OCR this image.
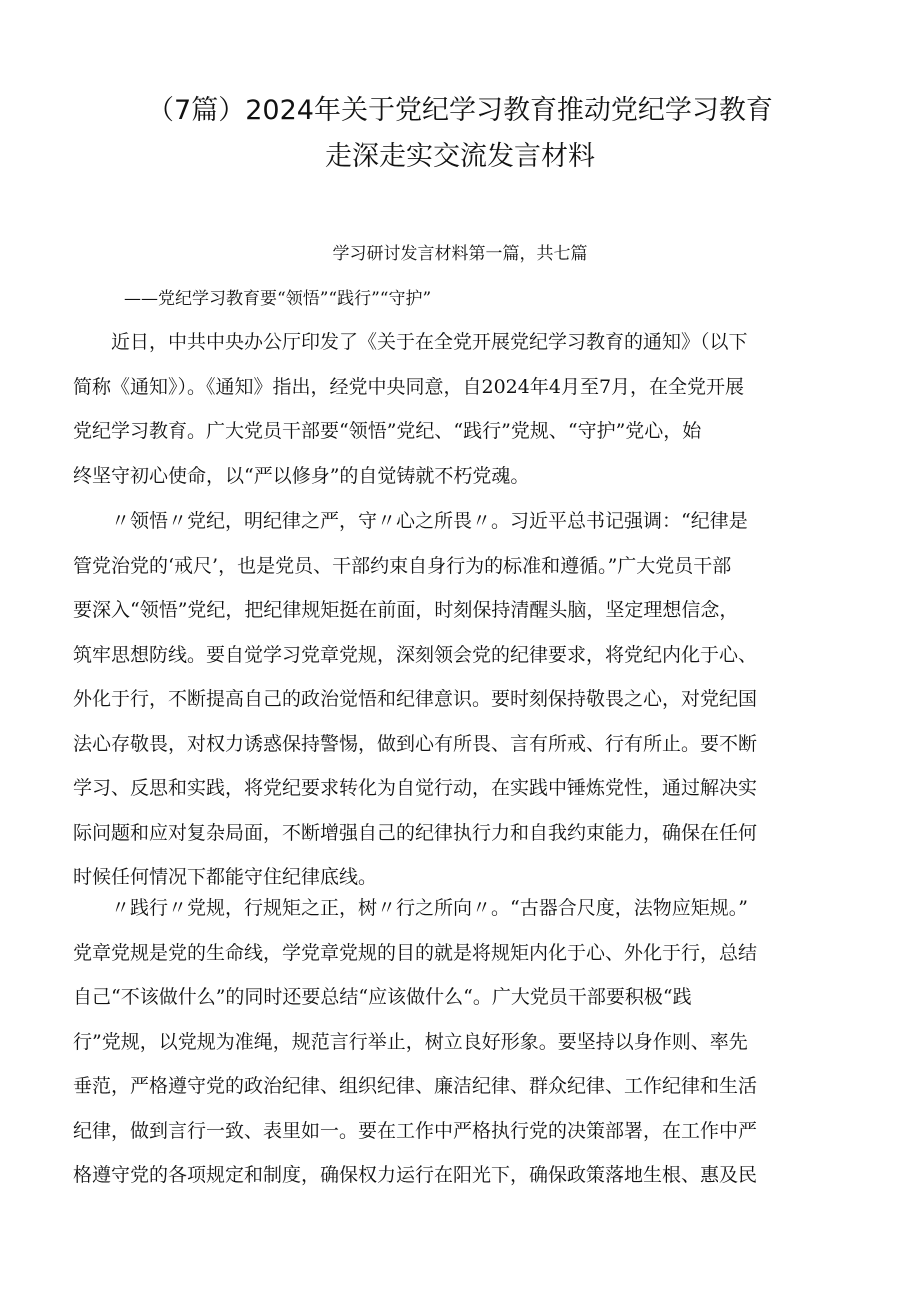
（7篇）2024年关于党纪学习教育推动党纪学习教育
走深走实交流发言材料
学习研讨发言材料第一篇，共七篇
——党纪学习教育要“领悟”“践行”“守护”
　　近日，中共中央办公厅印发了《关于在全党开展党纪学习教育的通知》（以下
简称《通知》）。《通知》指出，经党中央同意，自2024年4月至7月，在全党开展
党纪学习教育。广大党员干部要“领悟”党纪、“践行”党规、“守护”党心，始
终坚守初心使命，以“严以修身”的自觉铸就不朽党魂。
　　〃领悟〃党纪，明纪律之严，守〃心之所畏〃。习近平总书记强调：“纪律是
管党治党的‘戒尺’，也是党员、干部约束自身行为的标准和遵循。”广大党员干部
要深入“领悟”党纪，把纪律规矩挺在前面，时刻保持清醒头脑，坚定理想信念，
筑牢思想防线。要自觉学习党章党规，深刻领会党的纪律要求，将党纪内化于心、
外化于行，不断提高自己的政治觉悟和纪律意识。要时刻保持敬畏之心，对党纪国
法心存敬畏，对权力诱惑保持警惕，做到心有所畏、言有所戒、行有所止。要不断
学习、反思和实践，将党纪要求转化为自觉行动，在实践中锤炼党性，通过解决实
际问题和应对复杂局面，不断增强自己的纪律执行力和自我约束能力，确保在任何
时候任何情况下都能守住纪律底线。
　　〃践行〃党规，行规矩之正，树〃行之所向〃。“古器合尺度，法物应矩规。”
党章党规是党的生命线，学党章党规的目的就是将规矩内化于心、外化于行，总结
自己“不该做什么”的同时还要总结“应该做什么“。广大党员干部要积极“践
行”党规，以党规为准绳，规范言行举止，树立良好形象。要坚持以身作则、率先
垂范，严格遵守党的政治纪律、组织纪律、廉洁纪律、群众纪律、工作纪律和生活
纪律，做到言行一致、表里如一。要在工作中严格执行党的决策部署，在工作中严
格遵守党的各项规定和制度，确保权力运行在阳光下，确保政策落地生根、惠及民
